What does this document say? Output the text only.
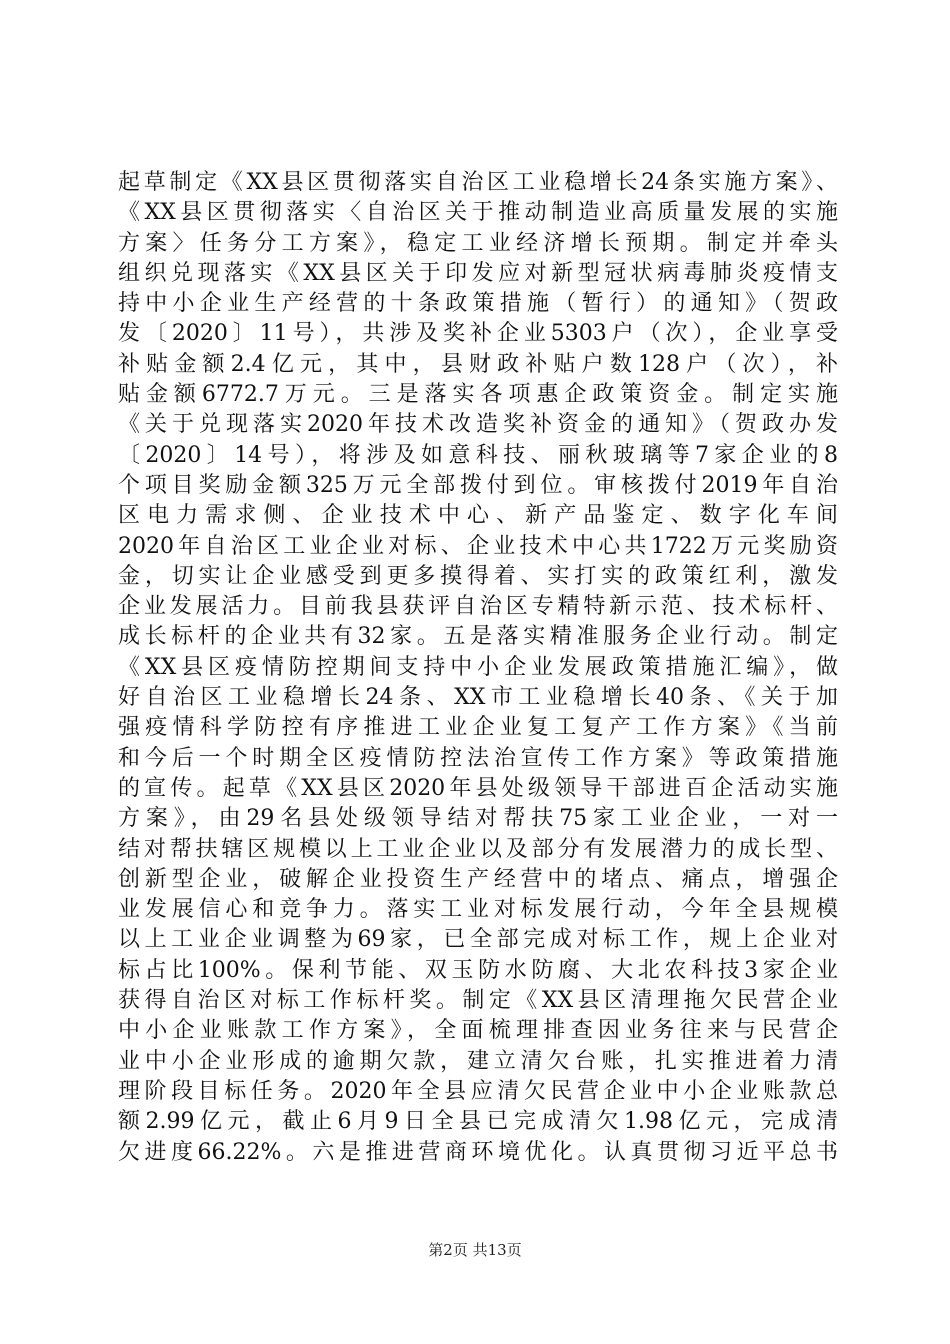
起草制定《XX县区贯彻落实自治区工业稳增长24条实施方案》、
《XX县区贯彻落实〈自治区关于推动制造业高质量发展的实施
方案〉任务分工方案》，稳定工业经济增长预期。制定并牵头
组织兑现落实《XX县区关于印发应对新型冠状病毒肺炎疫情支
持中小企业生产经营的十条政策措施（暂行）的通知》（贺政
发〔2020〕11号），共涉及奖补企业5303户（次），企业享受
补贴金额2.4亿元，其中，县财政补贴户数128户（次），补
贴金额6772.7万元。三是落实各项惠企政策资金。制定实施
《关于兑现落实2020年技术改造奖补资金的通知》（贺政办发
〔2020〕14号），将涉及如意科技、丽秋玻璃等7家企业的8
个项目奖励金额325万元全部拨付到位。审核拨付2019年自治
区电力需求侧、企业技术中心、新产品鉴定、数字化车间
2020年自治区工业企业对标、企业技术中心共1722万元奖励资
金，切实让企业感受到更多摸得着、实打实的政策红利，激发
企业发展活力。目前我县获评自治区专精特新示范、技术标杆、
成长标杆的企业共有32家。五是落实精准服务企业行动。制定
《XX县区疫情防控期间支持中小企业发展政策措施汇编》，做
好自治区工业稳增长24条、XX市工业稳增长40条、《关于加
强疫情科学防控有序推进工业企业复工复产工作方案》《当前
和今后一个时期全区疫情防控法治宣传工作方案》等政策措施
的宣传。起草《XX县区2020年县处级领导干部进百企活动实施
方案》，由29名县处级领导结对帮扶75家工业企业，一对一
结对帮扶辖区规模以上工业企业以及部分有发展潜力的成长型、
创新型企业，破解企业投资生产经营中的堵点、痛点，增强企
业发展信心和竞争力。落实工业对标发展行动，今年全县规模
以上工业企业调整为69家，已全部完成对标工作，规上企业对
标占比100%。保利节能、双玉防水防腐、大北农科技3家企业
获得自治区对标工作标杆奖。制定《XX县区清理拖欠民营企业
中小企业账款工作方案》，全面梳理排查因业务往来与民营企
业中小企业形成的逾期欠款，建立清欠台账，扎实推进着力清
理阶段目标任务。2020年全县应清欠民营企业中小企业账款总
额2.99亿元，截止6月9日全县已完成清欠1.98亿元，完成清
欠进度66.22%。六是推进营商环境优化。认真贯彻习近平总书
第2页 共13页
